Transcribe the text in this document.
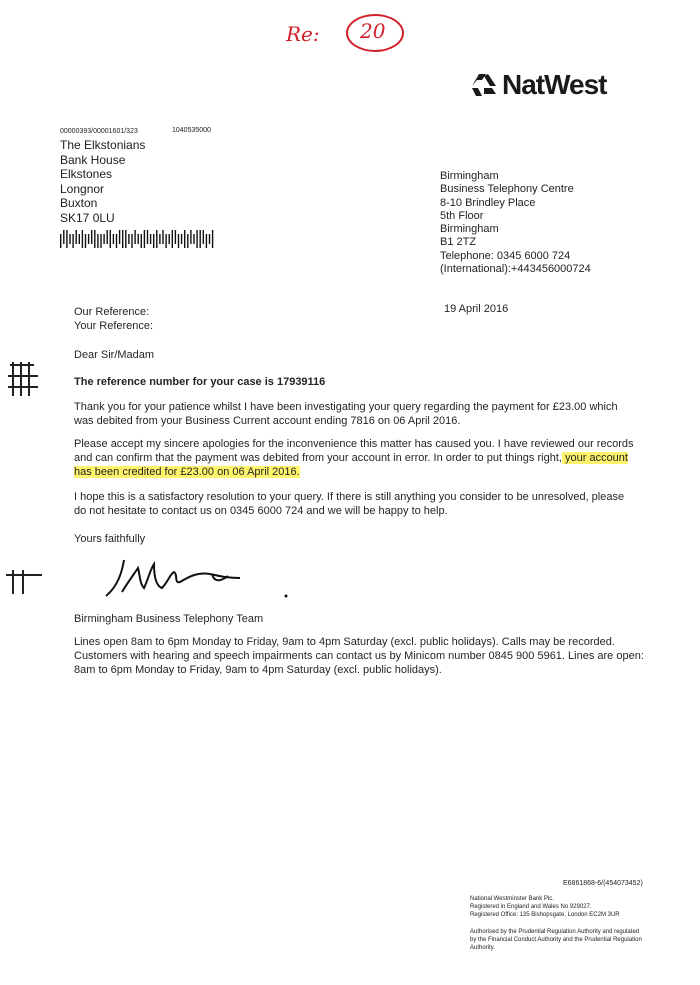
Re: 20
NatWest
00000393/00001601/323	1040535000
The Elkstonians
Bank House
Elkstones
Longnor
Buxton
SK17 0LU
Birmingham
Business Telephony Centre
8-10 Brindley Place
5th Floor
Birmingham
B1 2TZ
Telephone: 0345 6000 724
(International):+443456000724
Our Reference:
Your Reference:
19 April 2016
Dear Sir/Madam
The reference number for your case is 17939116
Thank you for your patience whilst I have been investigating your query regarding the payment for £23.00 which was debited from your Business Current account ending 7816 on 06 April 2016.
Please accept my sincere apologies for the inconvenience this matter has caused you. I have reviewed our records and can confirm that the payment was debited from your account in error. In order to put things right, your account has been credited for £23.00 on 06 April 2016.
I hope this is a satisfactory resolution to your query. If there is still anything you consider to be unresolved, please do not hesitate to contact us on 0345 6000 724 and we will be happy to help.
Yours faithfully
Birmingham Business Telephony Team
Lines open 8am to 6pm Monday to Friday, 9am to 4pm Saturday (excl. public holidays). Calls may be recorded.
Customers with hearing and speech impairments can contact us by Minicom number 0845 900 5961. Lines are open:
8am to 6pm Monday to Friday, 9am to 4pm Saturday (excl. public holidays).
E6861868-6/(454073452)
National Westminster Bank Plc.
Registered in England and Wales No 929027.
Registered Office: 135 Bishopsgate, London EC2M 3UR
Authorised by the Prudential Regulation Authority and regulated
by the Financial Conduct Authority and the Prudential Regulation
Authority.
